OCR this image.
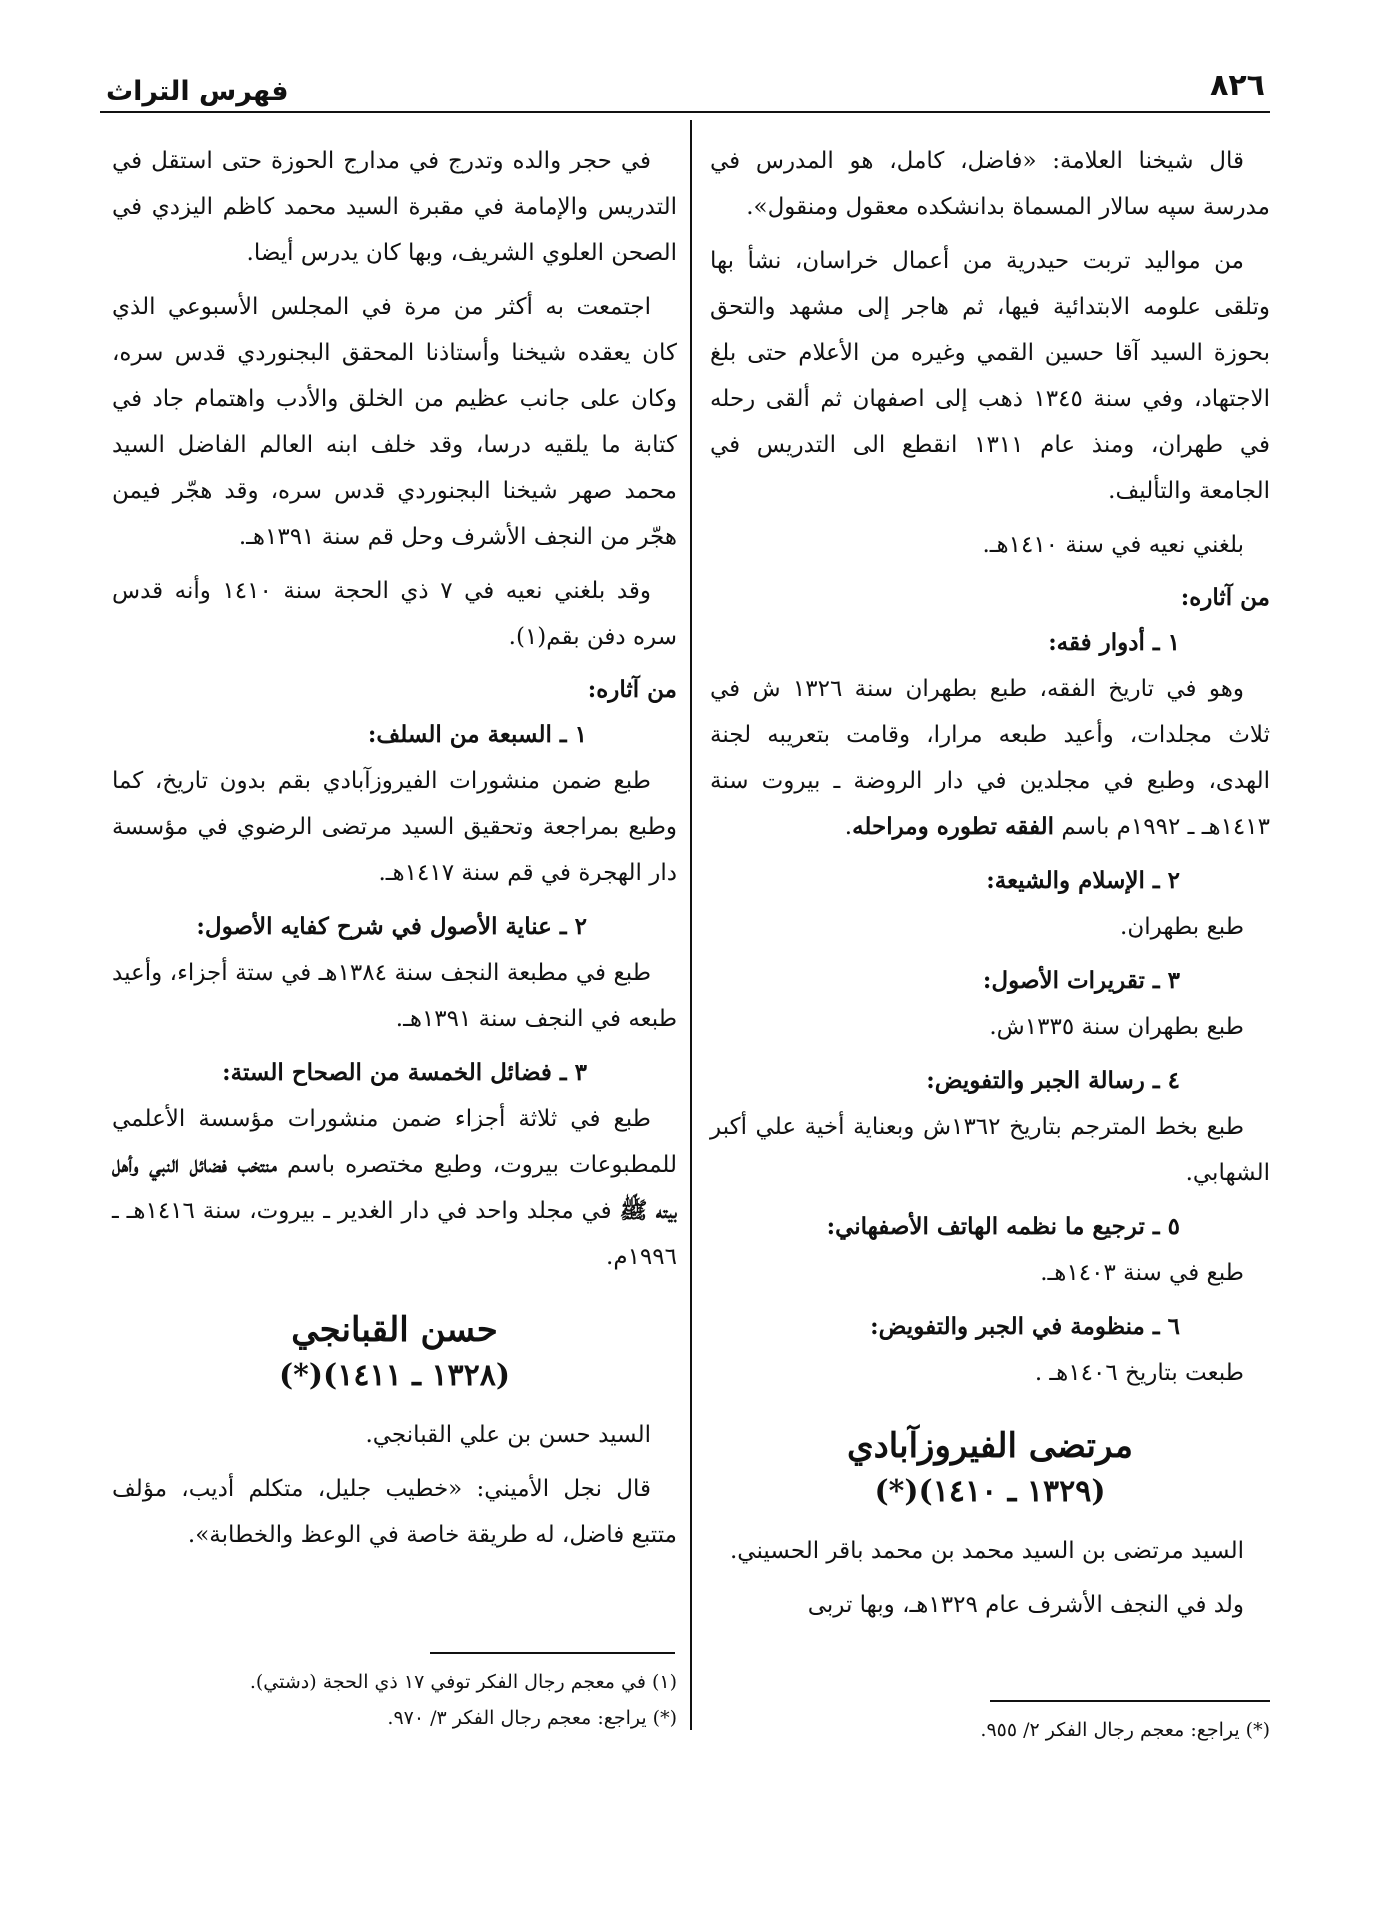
٨٢٦
فهرس التراث

قال شيخنا العلامة: «فاضل، كامل، هو المدرس في مدرسة سپه سالار المسماة بدانشكده معقول ومنقول».

من مواليد تربت حيدرية من أعمال خراسان، نشأ بها وتلقى علومه الابتدائية فيها، ثم هاجر إلى مشهد والتحق بحوزة السيد آقا حسين القمي وغيره من الأعلام حتى بلغ الاجتهاد، وفي سنة ١٣٤٥ ذهب إلى اصفهان ثم ألقى رحله في طهران، ومنذ عام ١٣١١ انقطع الى التدريس في الجامعة والتأليف.

بلغني نعيه في سنة ١٤١٠هـ.

من آثاره:
١ ـ أدوار فقه:

وهو في تاريخ الفقه، طبع بطهران سنة ١٣٢٦ ش في ثلاث مجلدات، وأعيد طبعه مرارا، وقامت بتعريبه لجنة الهدى، وطبع في مجلدين في دار الروضة ـ بيروت سنة ١٤١٣هـ ـ ١٩٩٢م باسم الفقه تطوره ومراحله.

٢ ـ الإسلام والشيعة:

طبع بطهران.

٣ ـ تقريرات الأصول:

طبع بطهران سنة ١٣٣٥ش.

٤ ـ رسالة الجبر والتفويض:

طبع بخط المترجم بتاريخ ١٣٦٢ش وبعناية أخية علي أكبر الشهابي.

٥ ـ ترجيع ما نظمه الهاتف الأصفهاني:

طبع في سنة ١٤٠٣هـ.

٦ ـ منظومة في الجبر والتفويض:

طبعت بتاريخ ١٤٠٦هـ .

مرتضى الفيروزآبادي
(١٣٢٩ ـ ١٤١٠)(*)

السيد مرتضى بن السيد محمد بن محمد باقر الحسيني.

ولد في النجف الأشرف عام ١٣٢٩هـ، وبها تربى

في حجر والده وتدرج في مدارج الحوزة حتى استقل في التدريس والإمامة في مقبرة السيد محمد كاظم اليزدي في الصحن العلوي الشريف، وبها كان يدرس أيضا.

اجتمعت به أكثر من مرة في المجلس الأسبوعي الذي كان يعقده شيخنا وأستاذنا المحقق البجنوردي قدس سره، وكان على جانب عظيم من الخلق والأدب واهتمام جاد في كتابة ما يلقيه درسا، وقد خلف ابنه العالم الفاضل السيد محمد صهر شيخنا البجنوردي قدس سره، وقد هجّر فيمن هجّر من النجف الأشرف وحل قم سنة ١٣٩١هـ.

وقد بلغني نعيه في ٧ ذي الحجة سنة ١٤١٠ وأنه قدس سره دفن بقم(١).

من آثاره:
١ ـ السبعة من السلف:

طبع ضمن منشورات الفيروزآبادي بقم بدون تاريخ، كما وطبع بمراجعة وتحقيق السيد مرتضى الرضوي في مؤسسة دار الهجرة في قم سنة ١٤١٧هـ.

٢ ـ عناية الأصول في شرح كفايه الأصول:

طبع في مطبعة النجف سنة ١٣٨٤هـ في ستة أجزاء، وأعيد طبعه في النجف سنة ١٣٩١هـ.

٣ ـ فضائل الخمسة من الصحاح الستة:

طبع في ثلاثة أجزاء ضمن منشورات مؤسسة الأعلمي للمطبوعات بيروت، وطبع مختصره باسم منتخب فضائل النبي وأهل بيته ﷺ في مجلد واحد في دار الغدير ـ بيروت، سنة ١٤١٦هـ ـ ١٩٩٦م.

حسن القبانجي
(١٣٢٨ ـ ١٤١١)(*)

السيد حسن بن علي القبانجي.

قال نجل الأميني: «خطيب جليل، متكلم أديب، مؤلف متتبع فاضل، له طريقة خاصة في الوعظ والخطابة».

(١) في معجم رجال الفكر توفي ١٧ ذي الحجة (دشتي).
(*) يراجع: معجم رجال الفكر ٣/ ٩٧٠.
(*) يراجع: معجم رجال الفكر ٢/ ٩٥٥.
